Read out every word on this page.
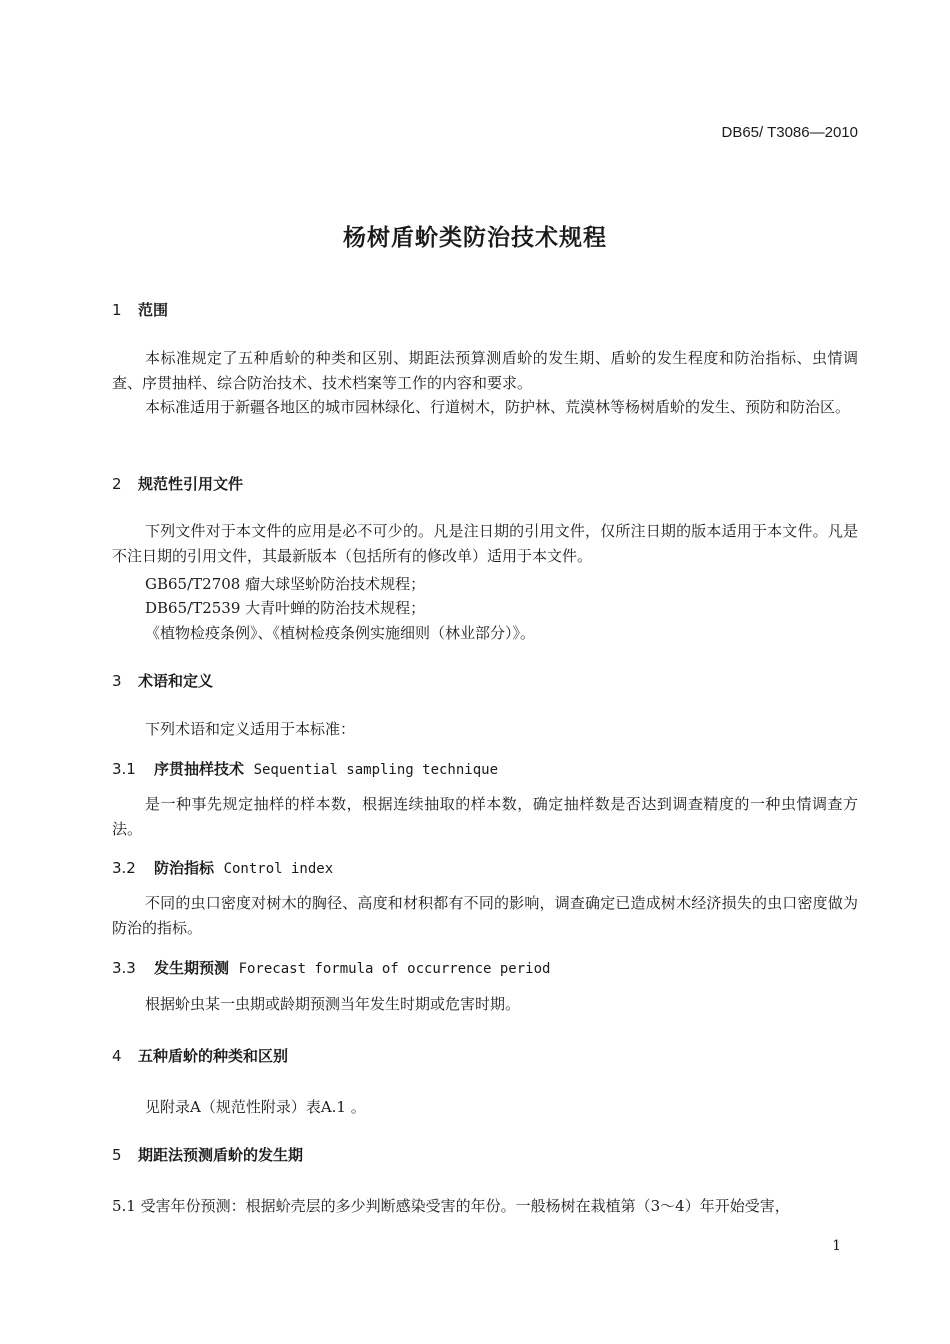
DB65/ T3086—2010
杨树盾蚧类防治技术规程
1 范围
本标准规定了五种盾蚧的种类和区别、期距法预算测盾蚧的发生期、盾蚧的发生程度和防治指标、虫情调查、序贯抽样、综合防治技术、技术档案等工作的内容和要求。
本标准适用于新疆各地区的城市园林绿化、行道树木，防护林、荒漠林等杨树盾蚧的发生、预防和防治区。
2 规范性引用文件
下列文件对于本文件的应用是必不可少的。凡是注日期的引用文件，仅所注日期的版本适用于本文件。凡是不注日期的引用文件，其最新版本（包括所有的修改单）适用于本文件。
GB65/T2708 瘤大球坚蚧防治技术规程；
DB65/T2539 大青叶蝉的防治技术规程；
《植物检疫条例》、《植树检疫条例实施细则（林业部分）》。
3 术语和定义
下列术语和定义适用于本标准：
3.1 序贯抽样技术 Sequential sampling technique
是一种事先规定抽样的样本数，根据连续抽取的样本数，确定抽样数是否达到调查精度的一种虫情调查方法。
3.2 防治指标 Control index
不同的虫口密度对树木的胸径、高度和材积都有不同的影响，调查确定已造成树木经济损失的虫口密度做为防治的指标。
3.3 发生期预测 Forecast formula of occurrence period
根据蚧虫某一虫期或龄期预测当年发生时期或危害时期。
4 五种盾蚧的种类和区别
见附录A（规范性附录）表A.1 。
5 期距法预测盾蚧的发生期
5.1 受害年份预测：根据蚧壳层的多少判断感染受害的年份。一般杨树在栽植第（3～4）年开始受害，
1
